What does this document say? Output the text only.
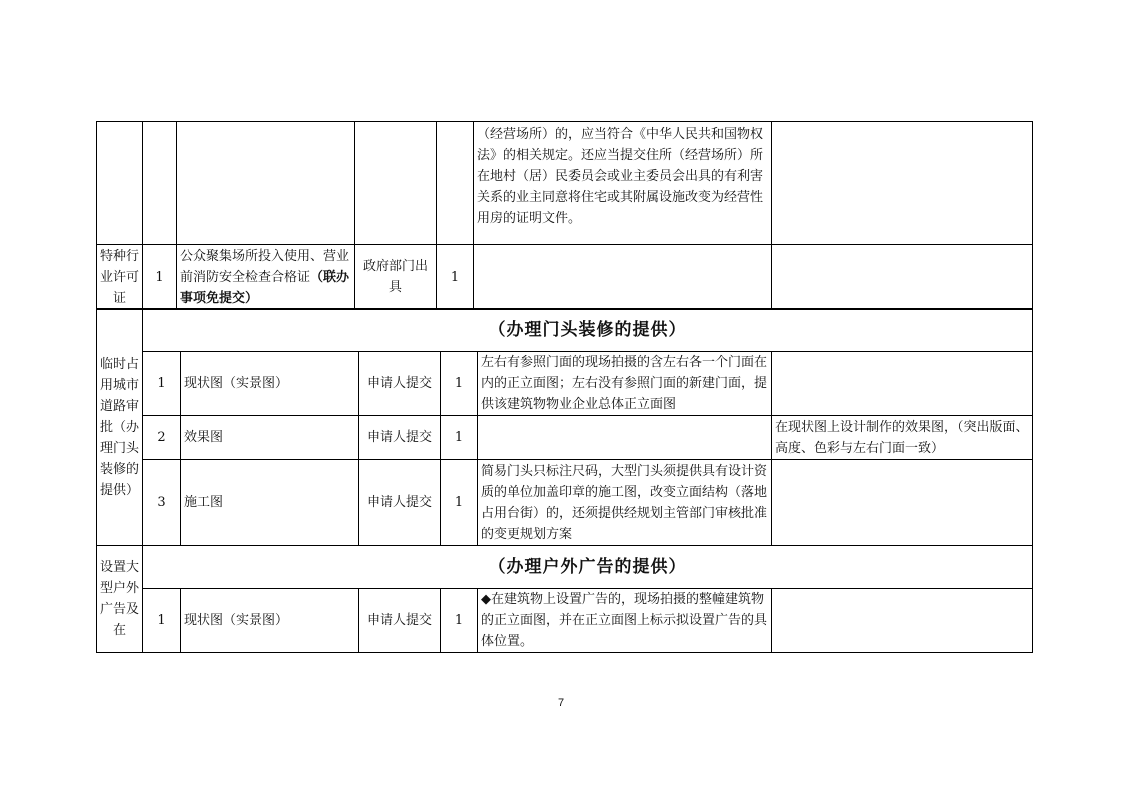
					（经营场所）的，应当符合《中华人民共和国物权法》的相关规定。还应当提交住所（经营场所）所在地村（居）民委员会或业主委员会出具的有利害关系的业主同意将住宅或其附属设施改变为经营性用房的证明文件。	
特种行业许可证	1	公众聚集场所投入使用、营业前消防安全检查合格证（联办事项免提交）	政府部门出具	1		
临时占用城市道路审批（办理门头装修的提供）	（办理门头装修的提供）					
	1	现状图（实景图）	申请人提交	1	左右有参照门面的现场拍摄的含左右各一个门面在内的正立面图；左右没有参照门面的新建门面，提供该建筑物物业企业总体正立面图	
	2	效果图	申请人提交	1		在现状图上设计制作的效果图，（突出版面、高度、色彩与左右门面一致）
	3	施工图	申请人提交	1	简易门头只标注尺码，大型门头须提供具有设计资质的单位加盖印章的施工图，改变立面结构（落地占用台街）的，还须提供经规划主管部门审核批准的变更规划方案	
设置大型户外广告及在	（办理户外广告的提供）					
	1	现状图（实景图）	申请人提交	1	◆在建筑物上设置广告的，现场拍摄的整幢建筑物的正立面图，并在正立面图上标示拟设置广告的具体位置。	
7
